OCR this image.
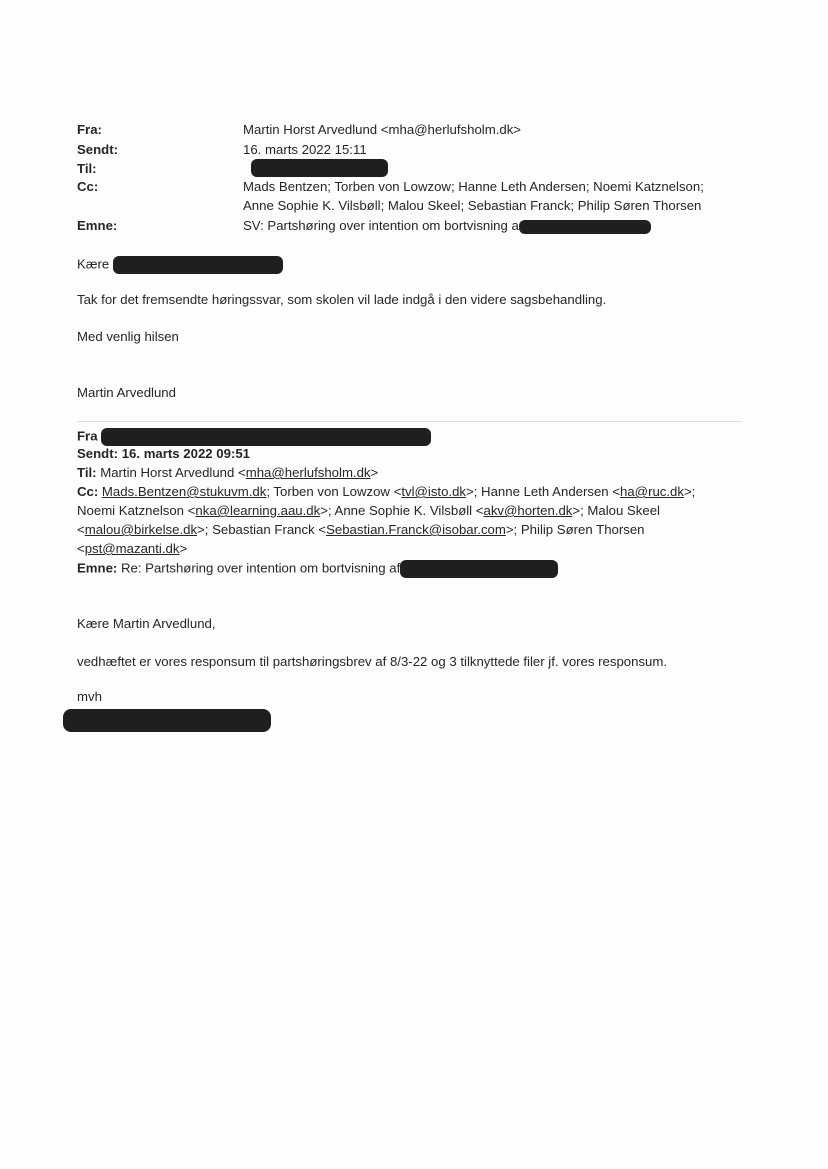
Fra:	Martin Horst Arvedlund <mha@herlufsholm.dk>
Sendt:	16. marts 2022 15:11
Til:
Cc:	Mads Bentzen; Torben von Lowzow; Hanne Leth Andersen; Noemi Katznelson;
Anne Sophie K. Vilsbøll; Malou Skeel; Sebastian Franck; Philip Søren Thorsen
Emne:	SV: Partshøring over intention om bortvisning a
Kære
Tak for det fremsendte høringssvar, som skolen vil lade indgå i den videre sagsbehandling.
Med venlig hilsen
Martin Arvedlund
Fra
Sendt: 16. marts 2022 09:51
Til: Martin Horst Arvedlund <mha@herlufsholm.dk>
Cc: Mads.Bentzen@stukuvm.dk; Torben von Lowzow <tvl@isto.dk>; Hanne Leth Andersen <ha@ruc.dk>;
Noemi Katznelson <nka@learning.aau.dk>; Anne Sophie K. Vilsbøll <akv@horten.dk>; Malou Skeel
<malou@birkelse.dk>; Sebastian Franck <Sebastian.Franck@isobar.com>; Philip Søren Thorsen
<pst@mazanti.dk>
Emne: Re: Partshøring over intention om bortvisning af
Kære Martin Arvedlund,
vedhæftet er vores responsum til partshøringsbrev af 8/3-22 og 3 tilknyttede filer jf. vores responsum.
mvh
